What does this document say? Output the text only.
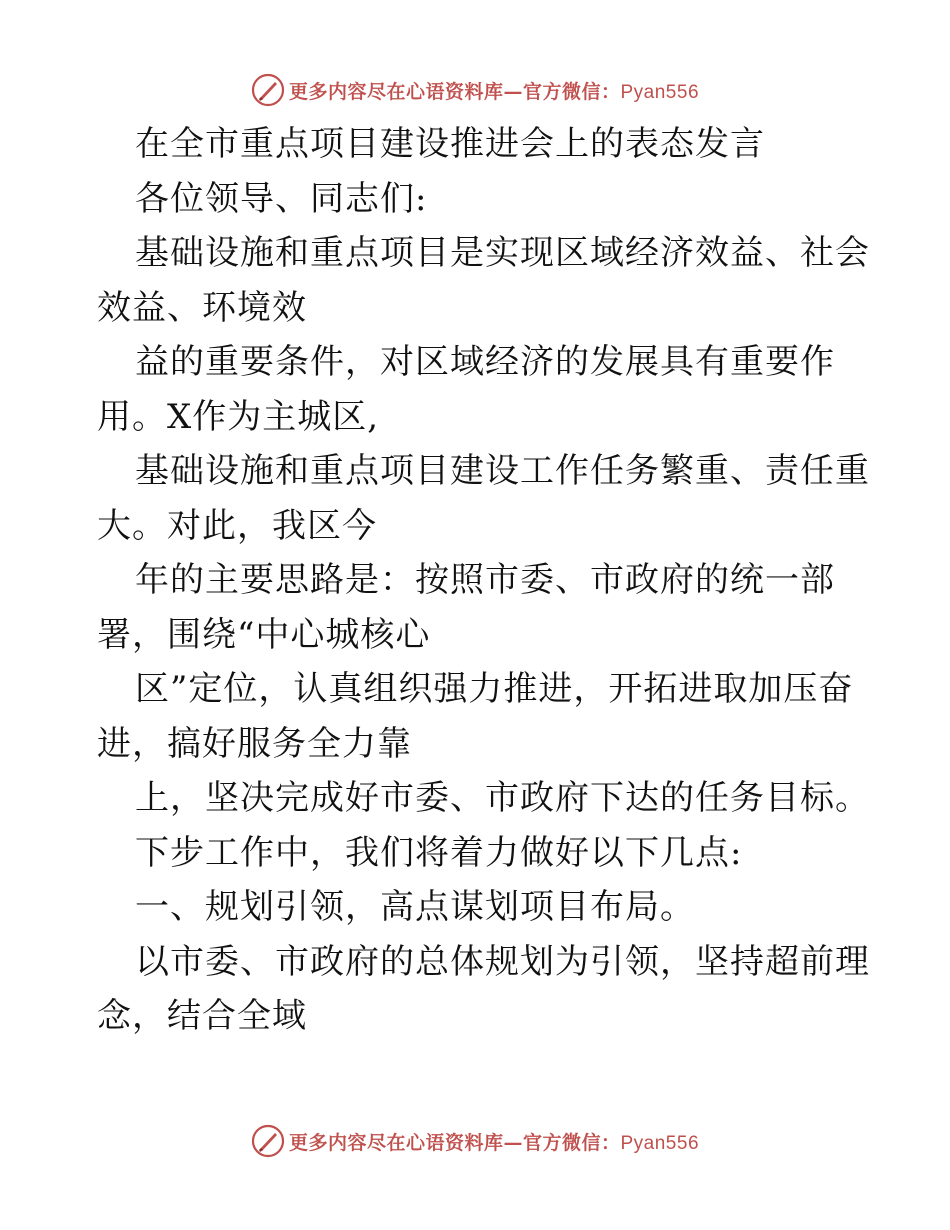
更多内容尽在心语资料库—官方微信：Pyan556
在全市重点项目建设推进会上的表态发言
各位领导、同志们:
基础设施和重点项目是实现区域经济效益、社会
效益、环境效
益的重要条件，对区域经济的发展具有重要作
用。X作为主城区,
基础设施和重点项目建设工作任务繁重、责任重
大。对此，我区今
年的主要思路是：按照市委、市政府的统一部
署，围绕“中心城核心
区”定位，认真组织强力推进，开拓进取加压奋
进，搞好服务全力靠
上，坚决完成好市委、市政府下达的任务目标。
下步工作中，我们将着力做好以下几点:
一、规划引领，高点谋划项目布局。
以市委、市政府的总体规划为引领，坚持超前理
念，结合全域
更多内容尽在心语资料库—官方微信：Pyan556
